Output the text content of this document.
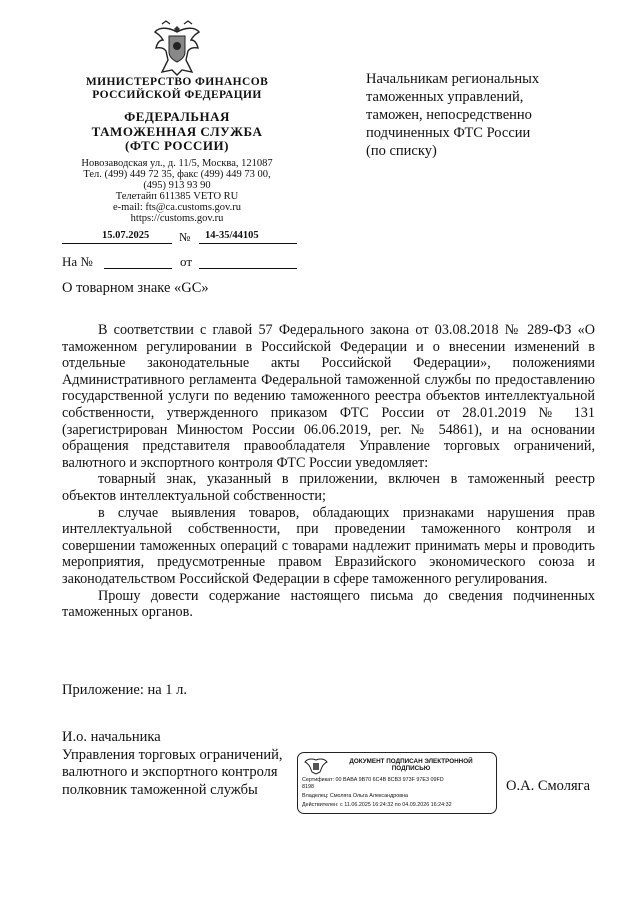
МИНИСТЕРСТВО ФИНАНСОВ
РОССИЙСКОЙ ФЕДЕРАЦИИ
ФЕДЕРАЛЬНАЯ
ТАМОЖЕННАЯ СЛУЖБА
(ФТС РОССИИ)
Новозаводская ул., д. 11/5, Москва, 121087
Тел. (499) 449 72 35, факс (499) 449 73 00,
(495) 913 93 90
Телетайп 611385 VETO RU
e-mail: fts@ca.customs.gov.ru
https://customs.gov.ru
15.07.2025 № 14-35/44105
На №	от
Начальникам региональных
таможенных управлений,
таможен, непосредственно
подчиненных ФТС России
(по списку)
О товарном знаке «GC»

В соответствии с главой 57 Федерального закона от 03.08.2018 № 289-ФЗ «О таможенном регулировании в Российской Федерации и о внесении изменений в отдельные законодательные акты Российской Федерации», положениями Административного регламента Федеральной таможенной службы по предоставлению государственной услуги по ведению таможенного реестра объектов интеллектуальной собственности, утвержденного приказом ФТС России от 28.01.2019 № 131 (зарегистрирован Минюстом России 06.06.2019, рег. № 54861), и на основании обращения представителя правообладателя Управление торговых ограничений, валютного и экспортного контроля ФТС России уведомляет:

товарный знак, указанный в приложении, включен в таможенный реестр объектов интеллектуальной собственности;

в случае выявления товаров, обладающих признаками нарушения прав интеллектуальной собственности, при проведении таможенного контроля и совершении таможенных операций с товарами надлежит принимать меры и проводить мероприятия, предусмотренные правом Евразийского экономического союза и законодательством Российской Федерации в сфере таможенного регулирования.

Прошу довести содержание настоящего письма до сведения подчиненных таможенных органов.

Приложение: на 1 л.
И.о. начальника
Управления торговых ограничений,
валютного и экспортного контроля
полковник таможенной службы
ДОКУМЕНТ ПОДПИСАН ЭЛЕКТРОННОЙ
ПОДПИСЬЮ
Сертификат: 00 BABA 9B70 6C4B 8CB3 973F 97E3 09FD
8198
Владелец: Смоляга Ольга Александровна
Действителен: с 11.06.2025 16:24:32 по 04.09.2026 16:24:32
О.А. Смоляга
